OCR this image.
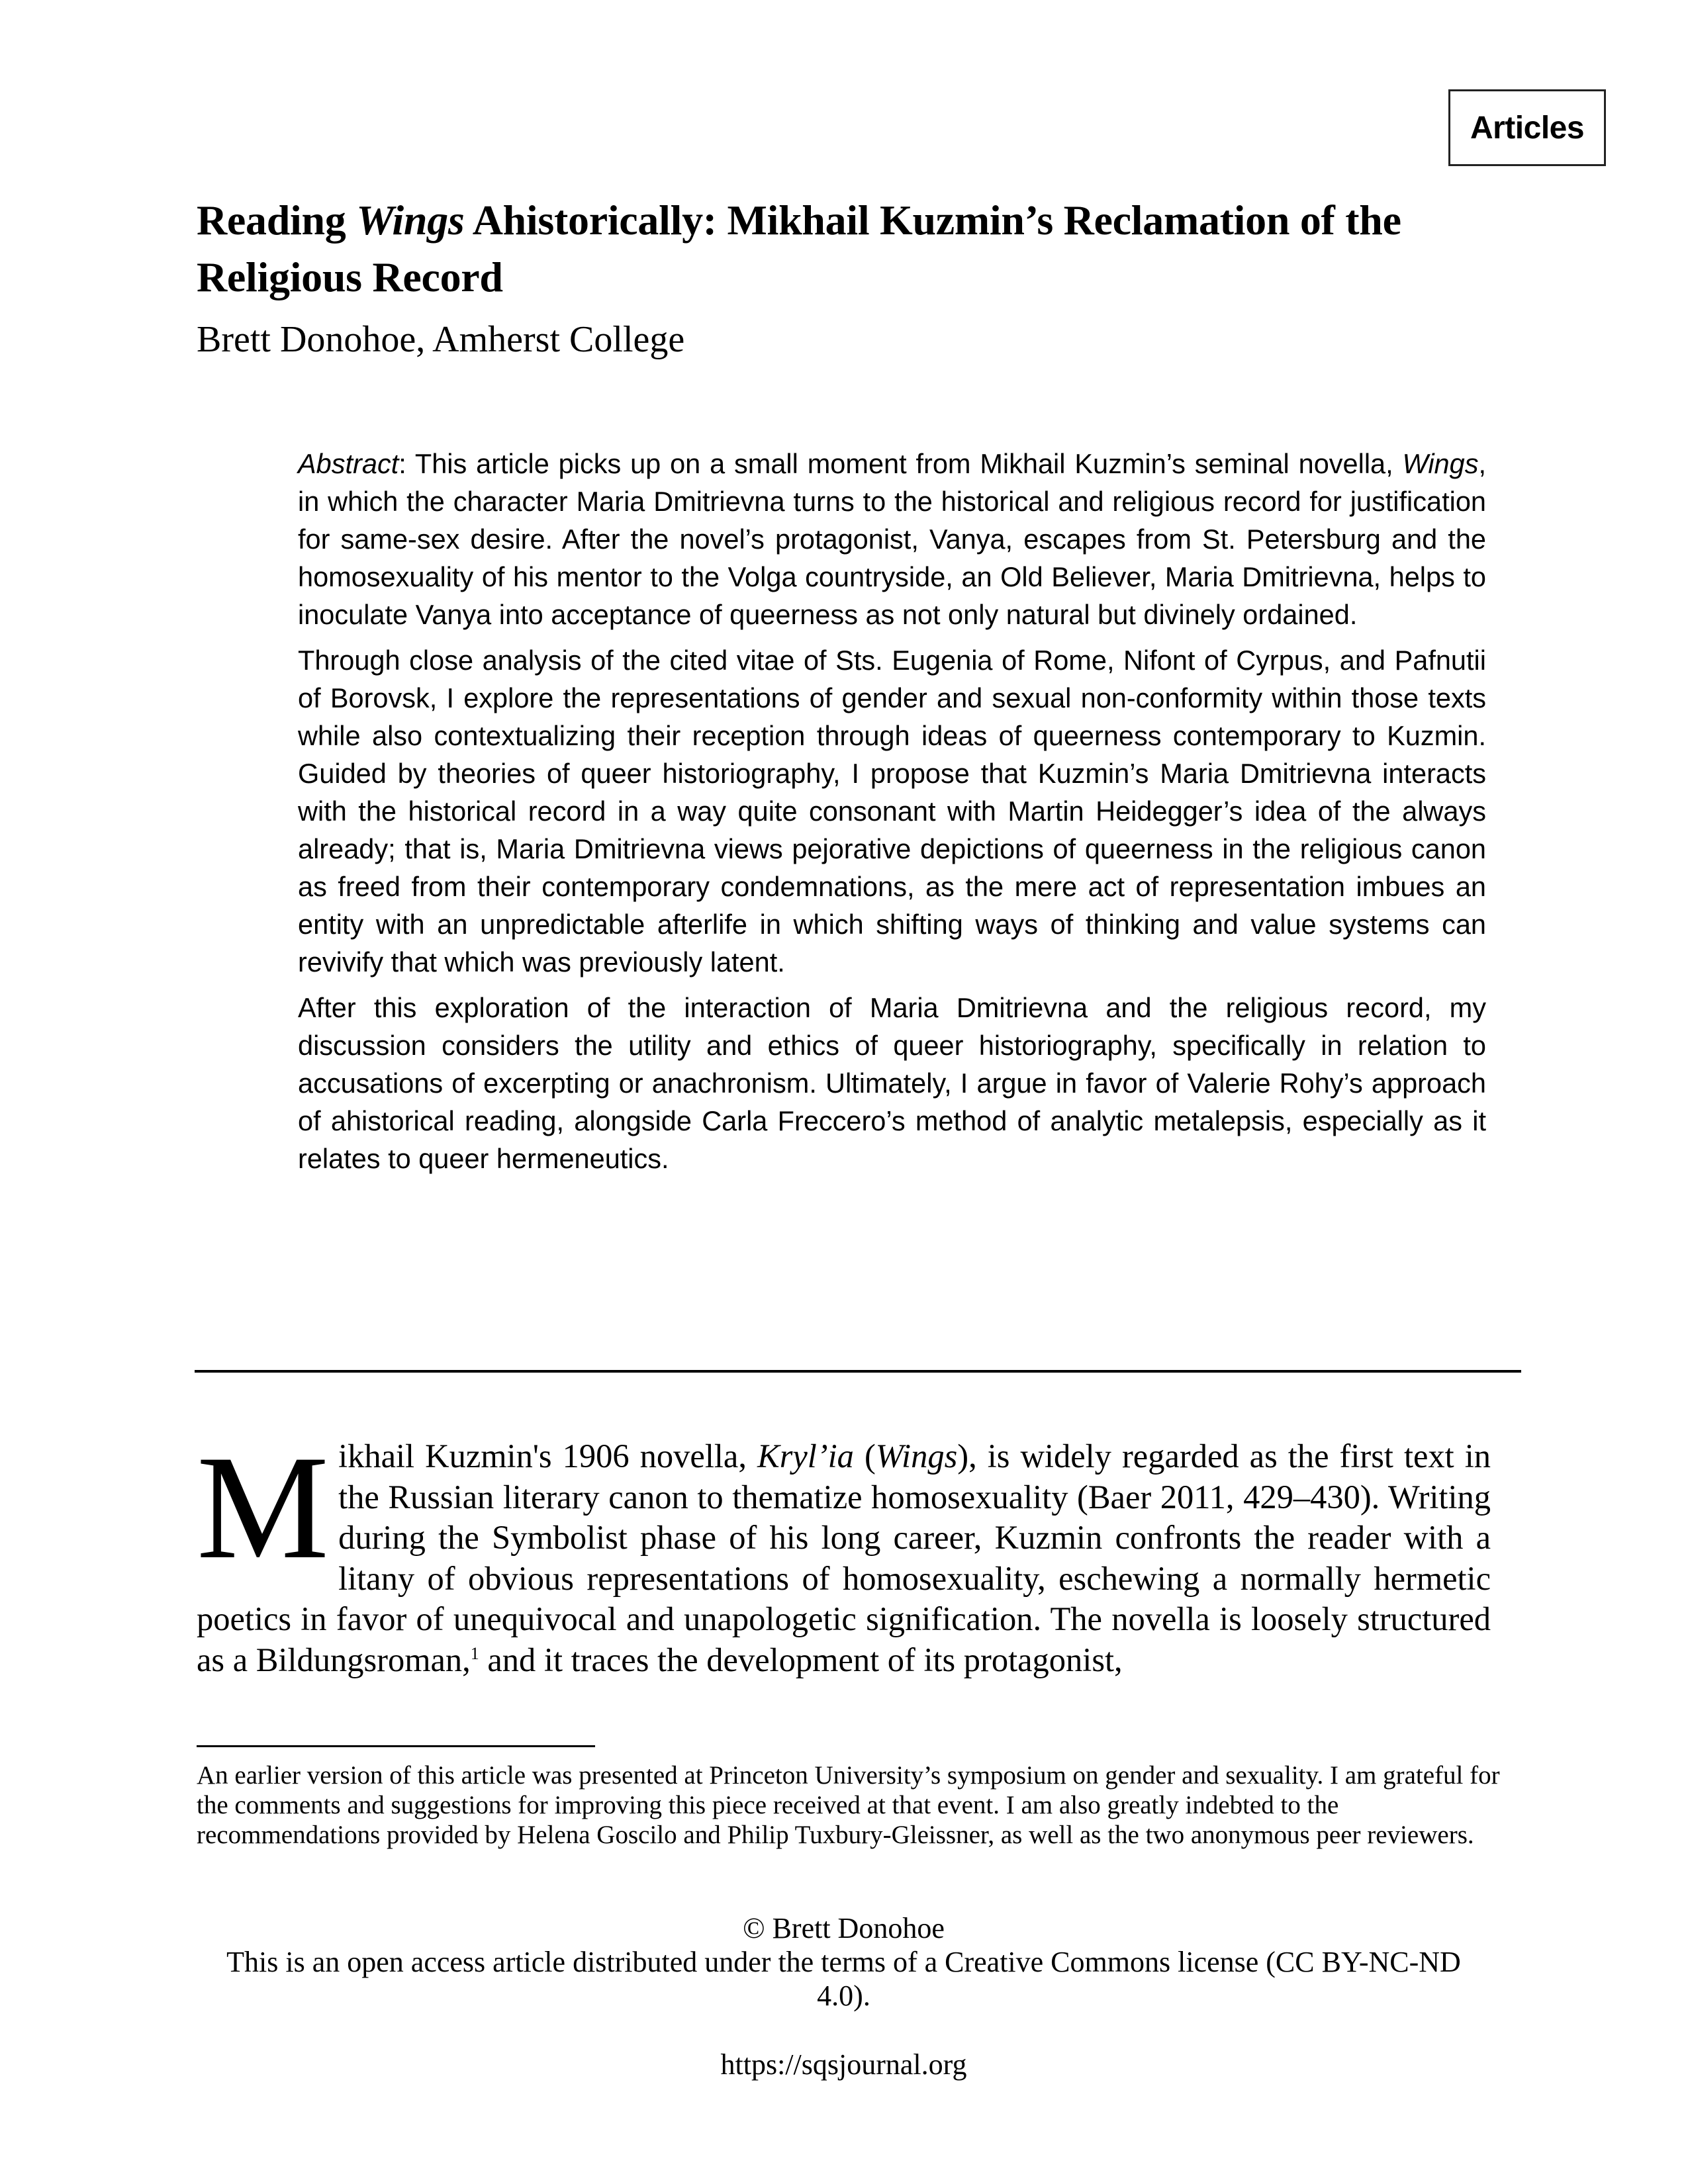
Articles
Reading Wings Ahistorically: Mikhail Kuzmin’s Reclamation of the Religious Record
Brett Donohoe, Amherst College

Abstract: This article picks up on a small moment from Mikhail Kuzmin’s seminal novella, Wings, in which the character Maria Dmitrievna turns to the historical and religious record for justification for same-sex desire. After the novel’s protagonist, Vanya, escapes from St. Petersburg and the homosexuality of his mentor to the Volga countryside, an Old Believer, Maria Dmitrievna, helps to inoculate Vanya into acceptance of queerness as not only natural but divinely ordained.

Through close analysis of the cited vitae of Sts. Eugenia of Rome, Nifont of Cyrpus, and Pafnutii of Borovsk, I explore the representations of gender and sexual non-conformity within those texts while also contextualizing their reception through ideas of queerness contemporary to Kuzmin. Guided by theories of queer historiography, I propose that Kuzmin’s Maria Dmitrievna interacts with the historical record in a way quite consonant with Martin Heidegger’s idea of the always already; that is, Maria Dmitrievna views pejorative depictions of queerness in the religious canon as freed from their contemporary condemnations, as the mere act of representation imbues an entity with an unpredictable afterlife in which shifting ways of thinking and value systems can revivify that which was previously latent.

After this exploration of the interaction of Maria Dmitrievna and the religious record, my discussion considers the utility and ethics of queer historiography, specifically in relation to accusations of excerpting or anachronism. Ultimately, I argue in favor of Valerie Rohy’s approach of ahistorical reading, alongside Carla Freccero’s method of analytic metalepsis, especially as it relates to queer hermeneutics.

Mikhail Kuzmin's 1906 novella, Kryl’ia (Wings), is widely regarded as the first text in the Russian literary canon to thematize homosexuality (Baer 2011, 429–430). Writing during the Symbolist phase of his long career, Kuzmin confronts the reader with a litany of obvious representations of homosexuality, eschewing a normally hermetic poetics in favor of unequivocal and unapologetic signification. The novella is loosely structured as a Bildungsroman,$^1$ and it traces the development of its protagonist,

An earlier version of this article was presented at Princeton University’s symposium on gender and sexuality. I am grateful for the comments and suggestions for improving this piece received at that event. I am also greatly indebted to the recommendations provided by Helena Goscilo and Philip Tuxbury-Gleissner, as well as the two anonymous peer reviewers.

© Brett Donohoe

This is an open access article distributed under the terms of a Creative Commons license (CC BY-NC-ND 4.0).

https://sqsjournal.org
